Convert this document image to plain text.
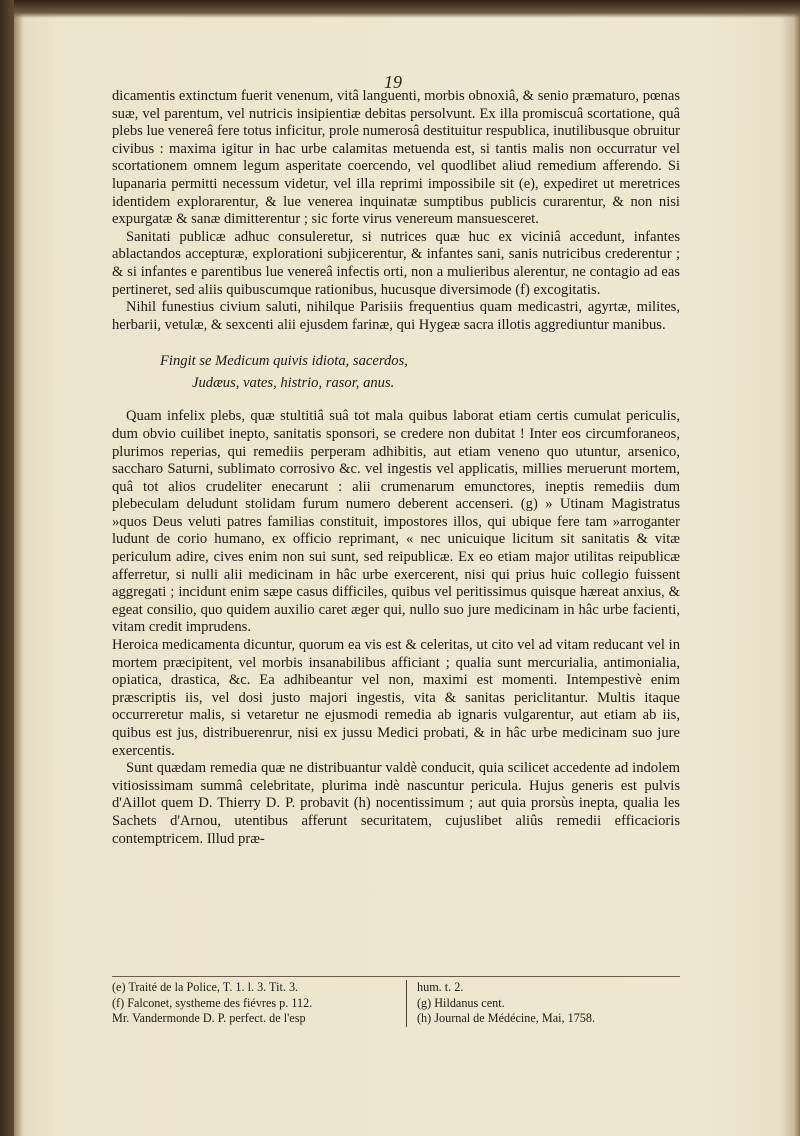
19

dicamentis extinctum fuerit venenum, vitâ languenti, morbis obnoxiâ, & senio præmaturo, pœnas suæ, vel parentum, vel nutricis insipientiæ debitas persolvunt. Ex illa promiscuâ scortatione, quâ plebs lue venereâ fere totus inficitur, prole numerosâ destituitur respublica, inutilibusque obruitur civibus : maxima igitur in hac urbe calamitas metuenda est, si tantis malis non occurratur vel scortationem omnem legum asperitate coercendo, vel quodlibet aliud remedium afferendo. Si lupanaria permitti necessum videtur, vel illa reprimi impossibile sit (e), expediret ut meretrices identidem explorarentur, & lue venerea inquinatæ sumptibus publicis curarentur, & non nisi expurgatæ & sanæ dimitterentur ; sic forte virus venereum mansuesceret.

Sanitati publicæ adhuc consuleretur, si nutrices quæ huc ex viciniâ accedunt, infantes ablactandos accepturæ, explorationi subjicerentur, & infantes sani, sanis nutricibus crederentur ; & si infantes e parentibus lue venereâ infectis orti, non a mulieribus alerentur, ne contagio ad eas pertineret, sed aliis quibuscumque rationibus, hucusque diversimode (f) excogitatis.

Nihil funestius civium saluti, nihilque Parisiis frequentius quam medicastri, agyrtæ, milites, herbarii, vetulæ, & sexcenti alii ejusdem farinæ, qui Hygeæ sacra illotis aggrediuntur manibus.

Fingit se Medicum quivis idiota, sacerdos,
Judæus, vates, histrio, rasor, anus.

Quam infelix plebs, quæ stultitiâ suâ tot mala quibus laborat etiam certis cumulat periculis, dum obvio cuilibet inepto, sanitatis sponsori, se credere non dubitat ! Inter eos circumforaneos, plurimos reperias, qui remediis perperam adhibitis, aut etiam veneno quo utuntur, arsenico, saccharo Saturni, sublimato corrosivo &c. vel ingestis vel applicatis, millies meruerunt mortem, quâ tot alios crudeliter enecarunt : alii crumenarum emunctores, ineptis remediis dum plebeculam deludunt stolidam furum numero deberent accenseri. (g) » Utinam Magistratus »quos Deus veluti patres familias constituit, impostores illos, qui ubique fere tam »arroganter ludunt de corio humano, ex officio reprimant, « nec unicuique licitum sit sanitatis & vitæ periculum adire, cives enim non sui sunt, sed reipublicæ. Ex eo etiam major utilitas reipublicæ afferretur, si nulli alii medicinam in hâc urbe exercerent, nisi qui prius huic collegio fuissent aggregati ; incidunt enim sæpe casus difficiles, quibus vel peritissimus quisque hæreat anxius, & egeat consilio, quo quidem auxilio caret æger qui, nullo suo jure medicinam in hâc urbe facienti, vitam credit imprudens.

Heroica medicamenta dicuntur, quorum ea vis est & celeritas, ut cito vel ad vitam reducant vel in mortem præcipitent, vel morbis insanabilibus afficiant ; qualia sunt mercurialia, antimonialia, opiatica, drastica, &c. Ea adhibeantur vel non, maximi est momenti. Intempestivè enim præscriptis iis, vel dosi justo majori ingestis, vita & sanitas periclitantur. Multis itaque occurreretur malis, si vetaretur ne ejusmodi remedia ab ignaris vulgarentur, aut etiam ab iis, quibus est jus, distribuerenrur, nisi ex jussu Medici probati, & in hâc urbe medicinam suo jure exercentis.

Sunt quædam remedia quæ ne distribuantur valdè conducit, quia scilicet accedente ad indolem vitiosissimam summâ celebritate, plurima indè nascuntur pericula. Hujus generis est pulvis d'Aillot quem D. Thierry D. P. probavit (h) nocentissimum ; aut quia prorsùs inepta, qualia les Sachets d'Arnou, utentibus afferunt securitatem, cujuslibet aliûs remedii efficacioris contemptricem. Illud præ-

(e) Traité de la Police, T. 1. l. 3. Tit. 3.
(f) Falconet, systheme des fiévres p. 112.
Mr. Vandermonde D. P. perfect. de l'esp
hum. t. 2.
(g) Hildanus cent.
(h) Journal de Médécine, Mai, 1758.
